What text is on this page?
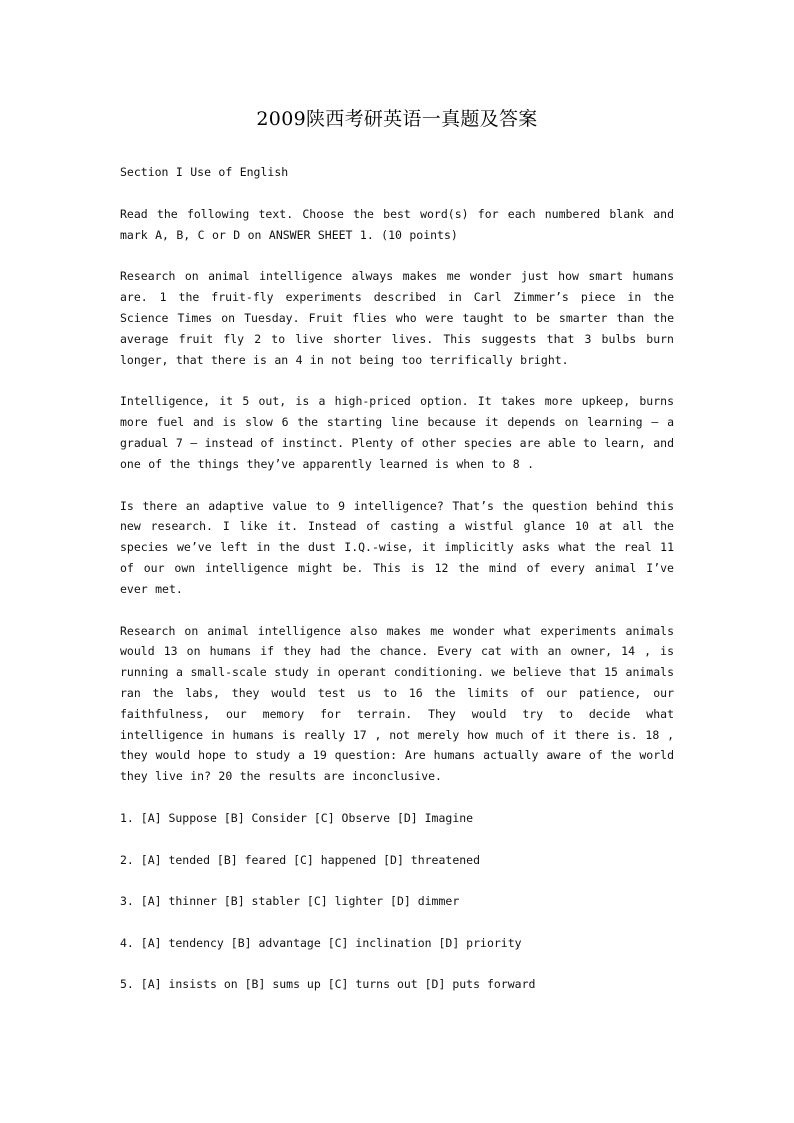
2009陕西考研英语一真题及答案

Section I Use of English

Read the following text. Choose the best word(s) for each numbered blank and mark A, B, C or D on ANSWER SHEET 1. (10 points)

Research on animal intelligence always makes me wonder just how smart humans are. 1 the fruit-fly experiments described in Carl Zimmer’s piece in the Science Times on Tuesday. Fruit flies who were taught to be smarter than the average fruit fly 2 to live shorter lives. This suggests that 3 bulbs burn longer, that there is an 4 in not being too terrifically bright.

Intelligence, it 5 out, is a high-priced option. It takes more upkeep, burns more fuel and is slow 6 the starting line because it depends on learning — a gradual 7 — instead of instinct. Plenty of other species are able to learn, and one of the things they’ve apparently learned is when to 8 .

Is there an adaptive value to 9 intelligence? That’s the question behind this new research. I like it. Instead of casting a wistful glance 10 at all the species we’ve left in the dust I.Q.-wise, it implicitly asks what the real 11 of our own intelligence might be. This is 12 the mind of every animal I’ve ever met.

Research on animal intelligence also makes me wonder what experiments animals would 13 on humans if they had the chance. Every cat with an owner, 14 , is running a small-scale study in operant conditioning. we believe that 15 animals ran the labs, they would test us to 16 the limits of our patience, our faithfulness, our memory for terrain. They would try to decide what intelligence in humans is really 17 , not merely how much of it there is. 18 , they would hope to study a 19 question: Are humans actually aware of the world they live in? 20 the results are inconclusive.

1. [A] Suppose [B] Consider [C] Observe [D] Imagine
2. [A] tended [B] feared [C] happened [D] threatened
3. [A] thinner [B] stabler [C] lighter [D] dimmer
4. [A] tendency [B] advantage [C] inclination [D] priority
5. [A] insists on [B] sums up [C] turns out [D] puts forward
